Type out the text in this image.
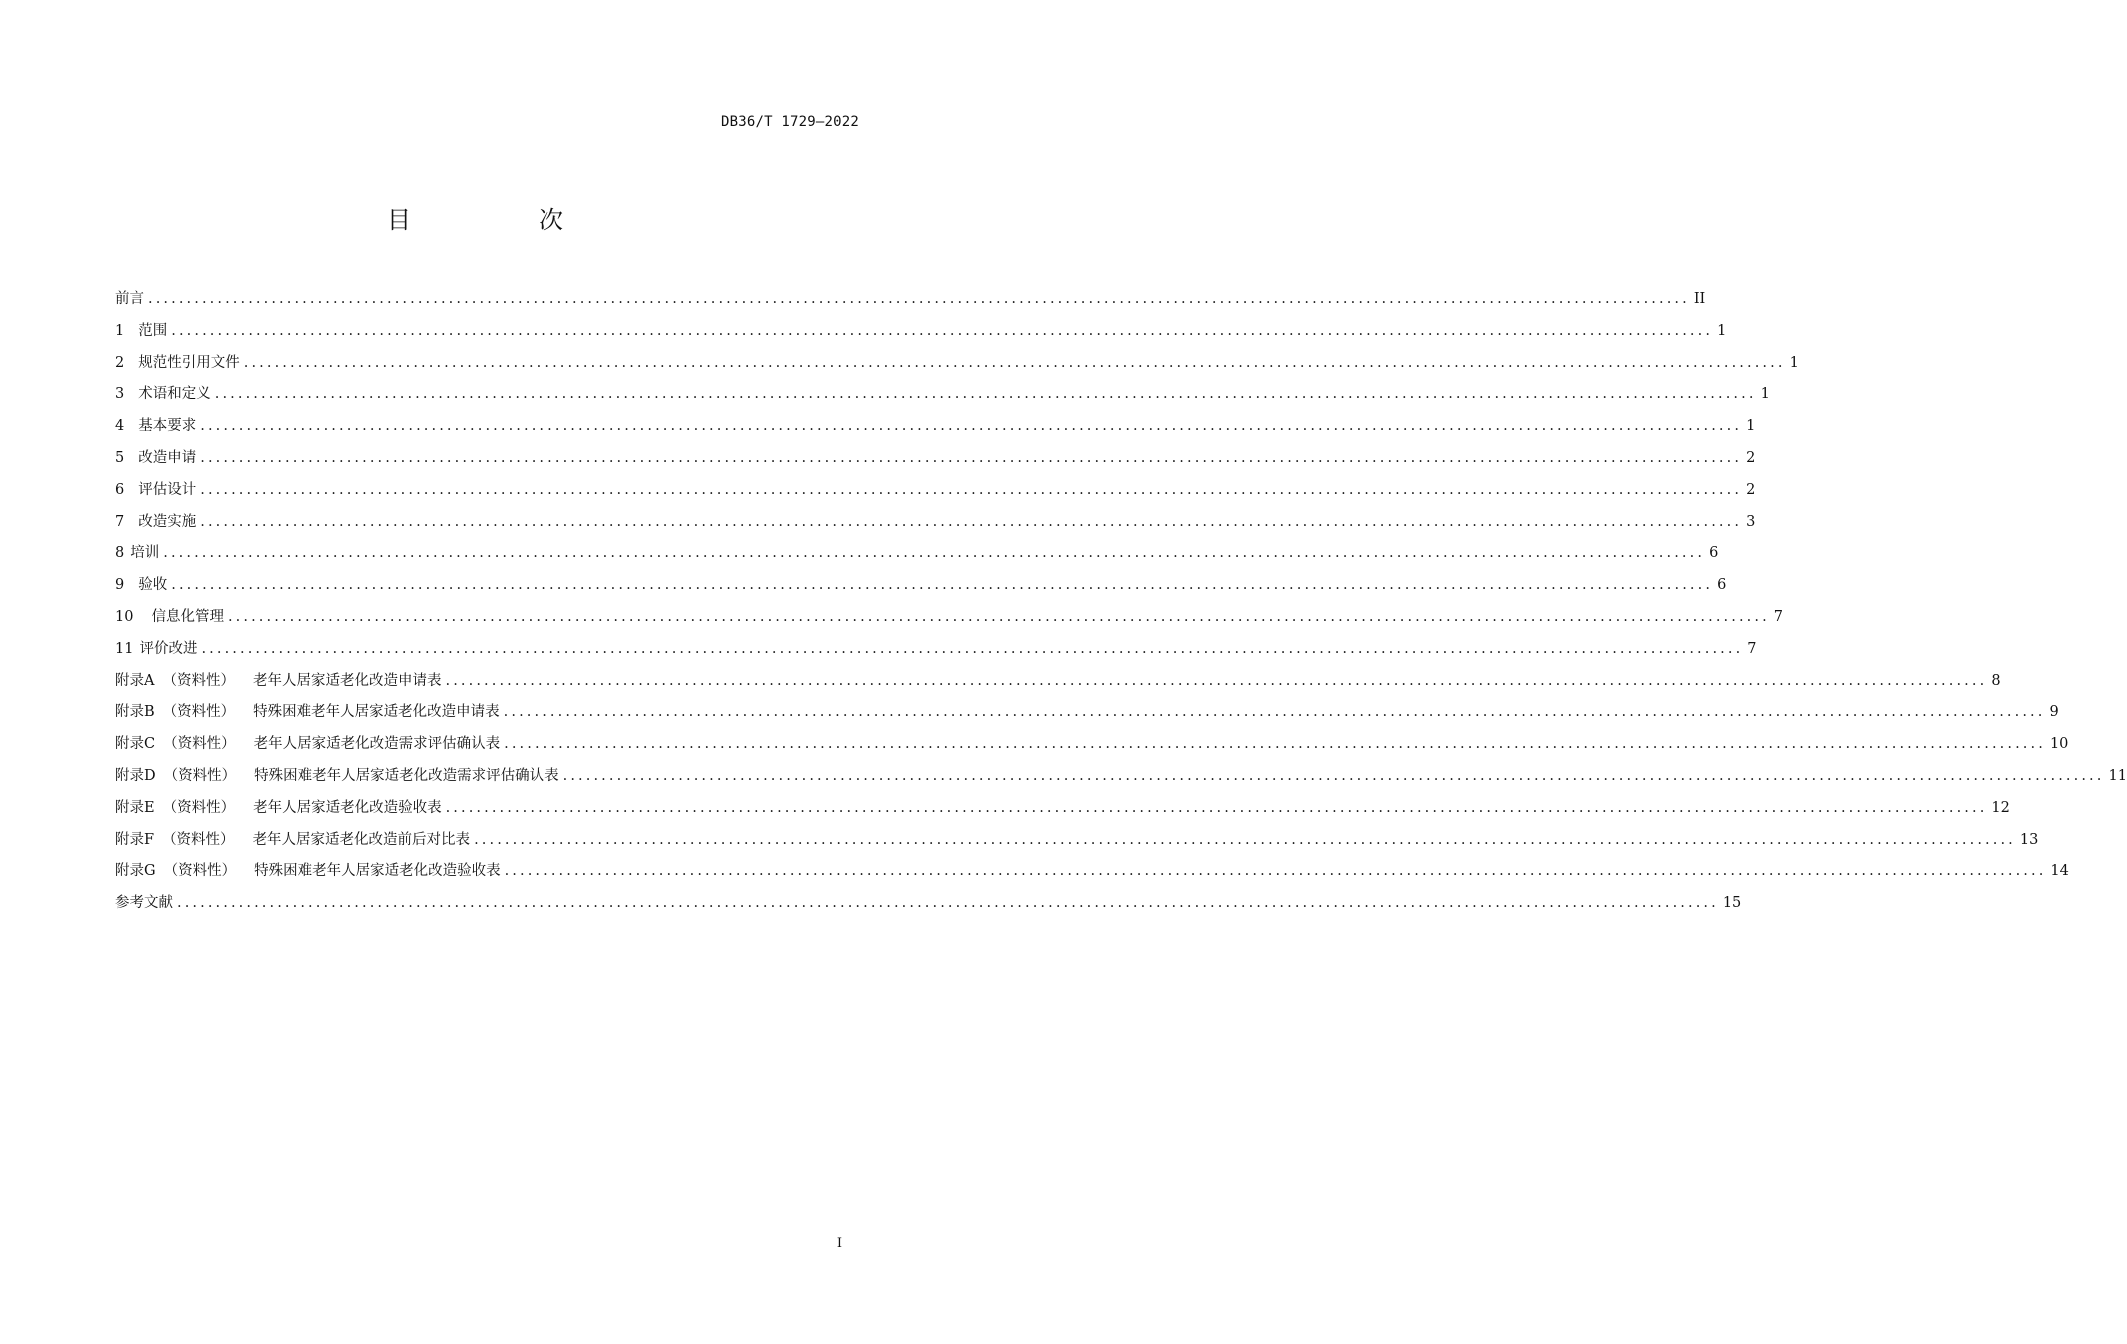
DB36/T 1729—2022
目　次
前言 ........................................................................................................................................................................................................ II
1 范围 ........................................................................................................................................................................................................ 1
2 规范性引用文件 ........................................................................................................................................................................................................ 1
3 术语和定义 ........................................................................................................................................................................................................ 1
4 基本要求 ........................................................................................................................................................................................................ 1
5 改造申请 ........................................................................................................................................................................................................ 2
6 评估设计 ........................................................................................................................................................................................................ 2
7 改造实施 ........................................................................................................................................................................................................ 3
8 培训 ........................................................................................................................................................................................................ 6
9 验收 ........................................................................................................................................................................................................ 6
10 信息化管理 ........................................................................................................................................................................................................ 7
11 评价改进 ........................................................................................................................................................................................................ 7
附录A （资料性） 老年人居家适老化改造申请表 ........................................................................................................................................................................................................ 8
附录B （资料性） 特殊困难老年人居家适老化改造申请表 ........................................................................................................................................................................................................ 9
附录C （资料性） 老年人居家适老化改造需求评估确认表 ........................................................................................................................................................................................................ 10
附录D （资料性） 特殊困难老年人居家适老化改造需求评估确认表 ........................................................................................................................................................................................................ 11
附录E （资料性） 老年人居家适老化改造验收表 ........................................................................................................................................................................................................ 12
附录F （资料性） 老年人居家适老化改造前后对比表 ........................................................................................................................................................................................................ 13
附录G （资料性） 特殊困难老年人居家适老化改造验收表 ........................................................................................................................................................................................................ 14
参考文献 ........................................................................................................................................................................................................ 15
I
